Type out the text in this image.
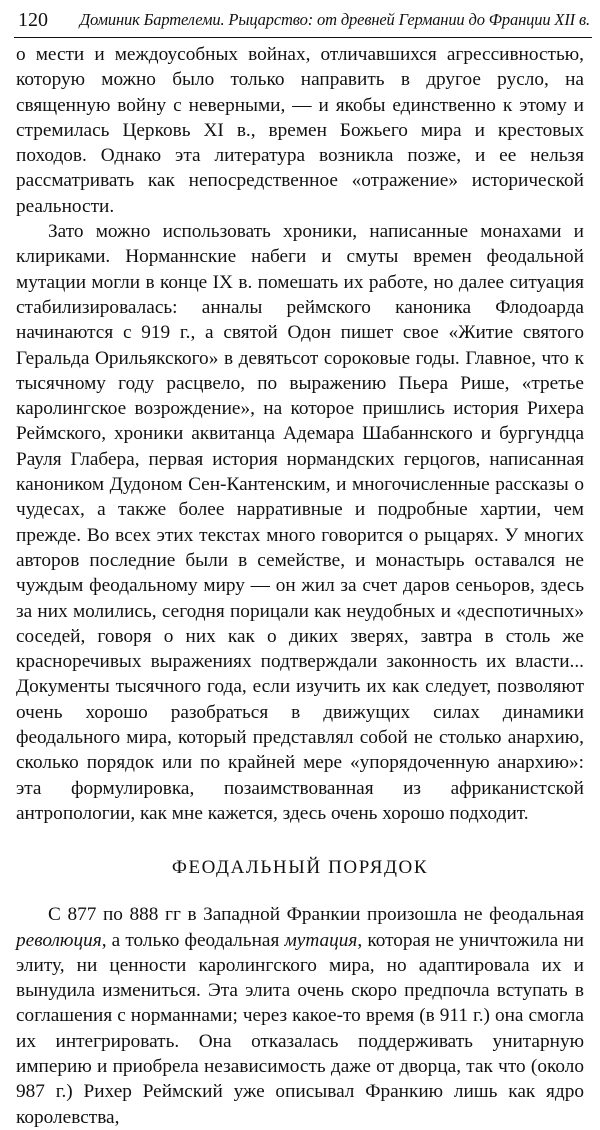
120 Доминик Бартелеми. Рыцарство: от древней Германии до Франции XII в.

о мести и междоусобных войнах, отличавшихся агрессивностью, которую можно было только направить в другое русло, на священную войну с неверными, — и якобы единственно к этому и стремилась Церковь XI в., времен Божьего мира и крестовых походов. Однако эта литература возникла позже, и ее нельзя рассматривать как непосредственное «отражение» исторической реальности.

Зато можно использовать хроники, написанные монахами и клириками. Норманнские набеги и смуты времен феодальной мутации могли в конце IX в. помешать их работе, но далее ситуация стабилизировалась: анналы реймского каноника Флодоарда начинаются с 919 г., а святой Одон пишет свое «Житие святого Геральда Орильякского» в девятьсот сороковые годы. Главное, что к тысячному году расцвело, по выражению Пьера Рише, «третье каролингское возрождение», на которое пришлись история Рихера Реймского, хроники аквитанца Адемара Шабаннского и бургундца Рауля Глабера, первая история нормандских герцогов, написанная каноником Дудоном Сен-Кантенским, и многочисленные рассказы о чудесах, а также более нарративные и подробные хартии, чем прежде. Во всех этих текстах много говорится о рыцарях. У многих авторов последние были в семействе, и монастырь оставался не чуждым феодальному миру — он жил за счет даров сеньоров, здесь за них молились, сегодня порицали как неудобных и «деспотичных» соседей, говоря о них как о диких зверях, завтра в столь же красноречивых выражениях подтверждали законность их власти... Документы тысячного года, если изучить их как следует, позволяют очень хорошо разобраться в движущих силах динамики феодального мира, который представлял собой не столько анархию, сколько порядок или по крайней мере «упорядоченную анархию»: эта формулировка, позаимствованная из африканистской антропологии, как мне кажется, здесь очень хорошо подходит.

ФЕОДАЛЬНЫЙ ПОРЯДОК

С 877 по 888 гг в Западной Франкии произошла не феодальная революция, а только феодальная мутация, которая не уничтожила ни элиту, ни ценности каролингского мира, но адаптировала их и вынудила измениться. Эта элита очень скоро предпочла вступать в соглашения с норманнами; через какое-то время (в 911 г.) она смогла их интегрировать. Она отказалась поддерживать унитарную империю и приобрела независимость даже от дворца, так что (около 987 г.) Рихер Реймский уже описывал Франкию лишь как ядро королевства,
